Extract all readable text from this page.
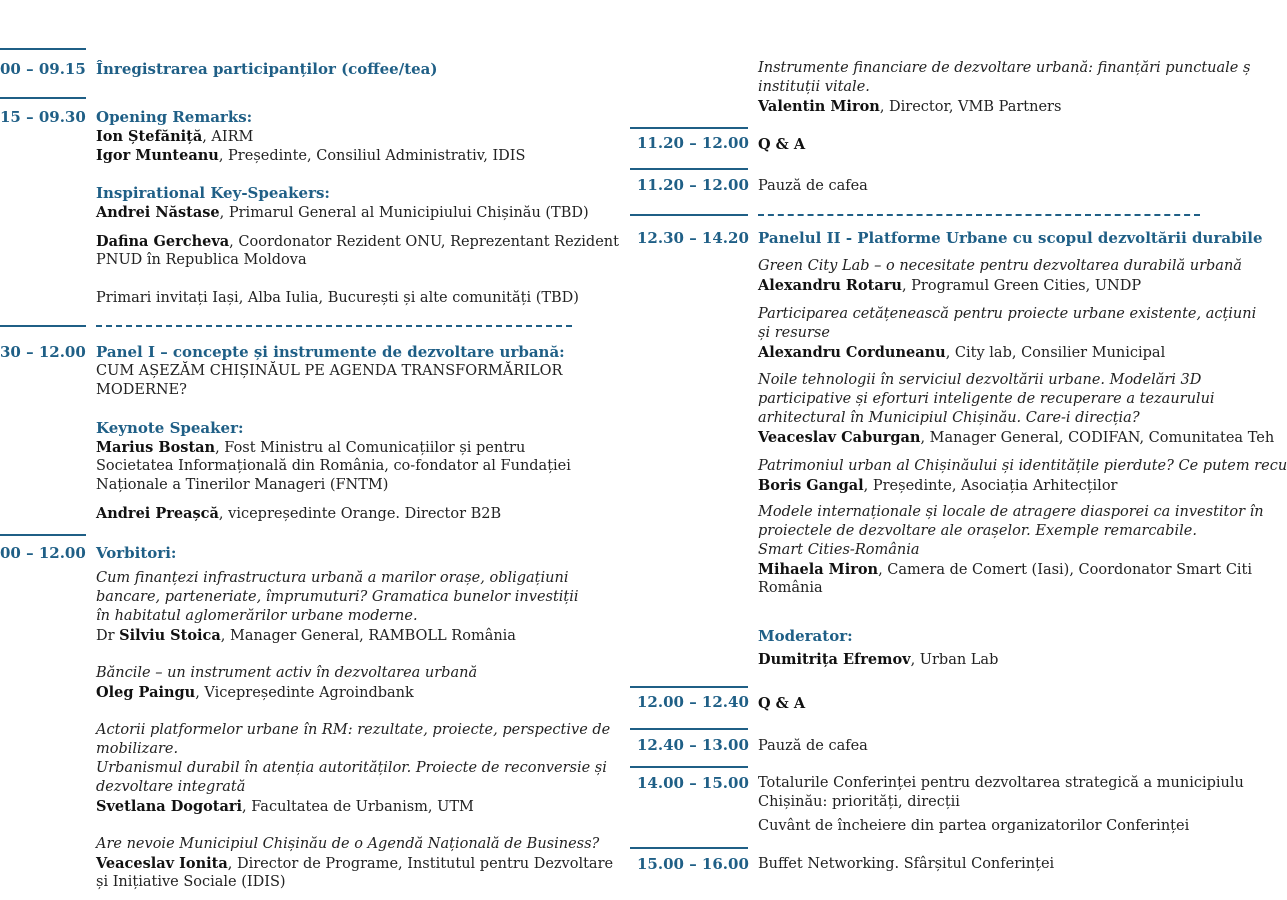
00 – 09.15 Înregistrarea participanților (coffee/tea)
15 – 09.30 Opening Remarks:
Ion Ștefăniță, AIRM
Igor Munteanu, Președinte, Consiliul Administrativ, IDIS
Inspirational Key-Speakers:
Andrei Năstase, Primarul General al Municipiului Chișinău (TBD)
Dafina Gercheva, Coordonator Rezident ONU, Reprezentant Rezident
PNUD în Republica Moldova
Primari invitați Iași, Alba Iulia, București și alte comunități (TBD)
30 – 12.00 Panel I – concepte și instrumente de dezvoltare urbană:
CUM AȘEZĂM CHIȘINĂUL PE AGENDA TRANSFORMĂRILOR
MODERNE?
Keynote Speaker:
Marius Bostan, Fost Ministru al Comunicațiilor și pentru
Societatea Informațională din România, co-fondator al Fundației
Naționale a Tinerilor Manageri (FNTM)
Andrei Preașcă, vicepreședinte Orange. Director B2B
00 – 12.00 Vorbitori:
Cum finanțezi infrastructura urbană a marilor orașe, obligațiuni
bancare, parteneriate, împrumuturi? Gramatica bunelor investiții
în habitatul aglomerărilor urbane moderne.
Dr Silviu Stoica, Manager General, RAMBOLL România
Băncile – un instrument activ în dezvoltarea urbană
Oleg Paingu, Vicepreședinte Agroindbank
Actorii platformelor urbane în RM: rezultate, proiecte, perspective de
mobilizare.
Urbanismul durabil în atenția autorităților. Proiecte de reconversie și
dezvoltare integrată
Svetlana Dogotari, Facultatea de Urbanism, UTM
Are nevoie Municipiul Chișinău de o Agendă Națională de Business?
Veaceslav Ionita, Director de Programe, Institutul pentru Dezvoltare
și Inițiative Sociale (IDIS)
Instrumente financiare de dezvoltare urbană: finanțări punctuale ș
instituții vitale.
Valentin Miron, Director, VMB Partners
11.20 – 12.00 Q & A
11.20 – 12.00 Pauză de cafea
12.30 – 14.20 Panelul II - Platforme Urbane cu scopul dezvoltării durabile
Green City Lab – o necesitate pentru dezvoltarea durabilă urbană
Alexandru Rotaru, Programul Green Cities, UNDP
Participarea cetățenească pentru proiecte urbane existente, acțiuni
și resurse
Alexandru Corduneanu, City lab, Consilier Municipal
Noile tehnologii în serviciul dezvoltării urbane. Modelări 3D
participative și eforturi inteligente de recuperare a tezaurului
arhitectural în Municipiul Chișinău. Care-i direcția?
Veaceslav Caburgan, Manager General, CODIFAN, Comunitatea Teh
Patrimoniul urban al Chișinăului și identitățile pierdute? Ce putem recu
Boris Gangal, Președinte, Asociația Arhitecților
Modele internaționale și locale de atragere diasporei ca investitor în
proiectele de dezvoltare ale orașelor. Exemple remarcabile.
Smart Cities-România
Mihaela Miron, Camera de Comert (Iasi), Coordonator Smart Citi
România
Moderator:
Dumitrița Efremov, Urban Lab
12.00 – 12.40 Q & A
12.40 – 13.00 Pauză de cafea
14.00 – 15.00 Totalurile Conferinței pentru dezvoltarea strategică a municipiulu
Chișinău: priorități, direcții
Cuvânt de încheiere din partea organizatorilor Conferinței
15.00 – 16.00 Buffet Networking. Sfârșitul Conferinței
